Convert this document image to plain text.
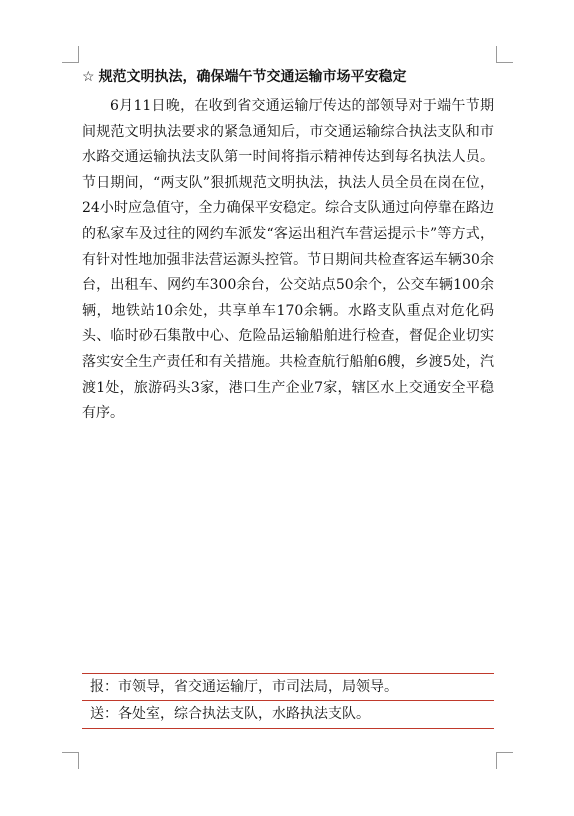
☆ 规范文明执法，确保端午节交通运输市场平安稳定

6月11日晚，在收到省交通运输厅传达的部领导对于端午节期间规范文明执法要求的紧急通知后，市交通运输综合执法支队和市水路交通运输执法支队第一时间将指示精神传达到每名执法人员。节日期间，“两支队”狠抓规范文明执法，执法人员全员在岗在位，24小时应急值守，全力确保平安稳定。综合支队通过向停靠在路边的私家车及过往的网约车派发“客运出租汽车营运提示卡”等方式，有针对性地加强非法营运源头控管。节日期间共检查客运车辆30余台，出租车、网约车300余台，公交站点50余个，公交车辆100余辆，地铁站10余处，共享单车170余辆。水路支队重点对危化码头、临时砂石集散中心、危险品运输船舶进行检查，督促企业切实落实安全生产责任和有关措施。共检查航行船舶6艘，乡渡5处，汽渡1处，旅游码头3家，港口生产企业7家，辖区水上交通安全平稳有序。

报：市领导，省交通运输厅，市司法局，局领导。
送：各处室，综合执法支队，水路执法支队。
